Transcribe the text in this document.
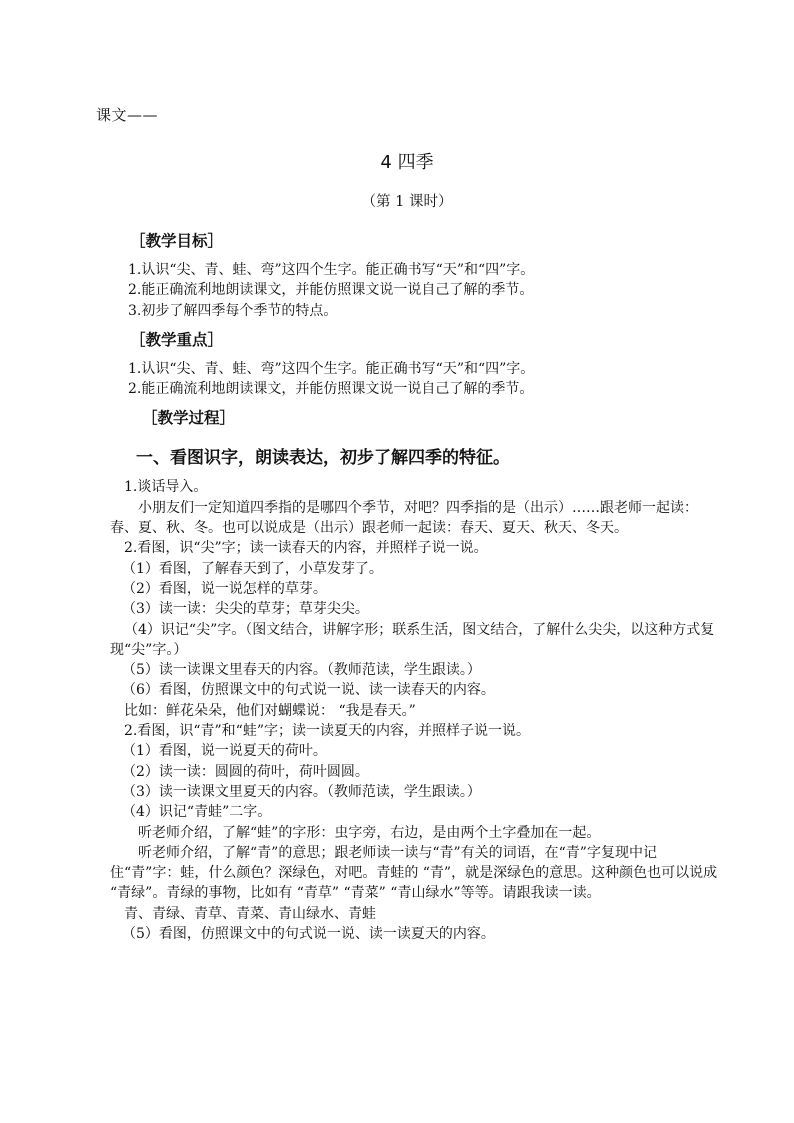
课文——
4 四季
（第 1 课时）
［教学目标］
1.认识“尖、青、蛙、弯”这四个生字。能正确书写“天”和“四”字。
2.能正确流利地朗读课文，并能仿照课文说一说自己了解的季节。
3.初步了解四季每个季节的特点。
［教学重点］
1.认识“尖、青、蛙、弯”这四个生字。能正确书写“天”和“四”字。
2.能正确流利地朗读课文，并能仿照课文说一说自己了解的季节。
［教学过程］
一、看图识字，朗读表达，初步了解四季的特征。
1.谈话导入。

小朋友们一定知道四季指的是哪四个季节，对吧？四季指的是（出示）……跟老师一起读：春、夏、秋、冬。也可以说成是（出示）跟老师一起读：春天、夏天、秋天、冬天。

2.看图，识“尖”字；读一读春天的内容，并照样子说一说。
（1）看图，了解春天到了，小草发芽了。
（2）看图，说一说怎样的草芽。
（3）读一读：尖尖的草芽；草芽尖尖。

（4）识记“尖”字。（图文结合，讲解字形；联系生活，图文结合，了解什么尖尖，以这种方式复现“尖”字。）

（5）读一读课文里春天的内容。（教师范读，学生跟读。）
（6）看图，仿照课文中的句式说一说、读一读春天的内容。
比如：鲜花朵朵，他们对蝴蝶说： “我是春天。”
2.看图，识“青”和“蛙”字；读一读夏天的内容，并照样子说一说。
（1）看图，说一说夏天的荷叶。
（2）读一读：圆圆的荷叶，荷叶圆圆。
（3）读一读课文里夏天的内容。（教师范读，学生跟读。）
（4）识记“青蛙”二字。

听老师介绍，了解“蛙”的字形：虫字旁，右边，是由两个土字叠加在一起。

听老师介绍，了解“青”的意思；跟老师读一读与“青”有关的词语，在“青”字复现中记住“青”字：蛙，什么颜色？深绿色，对吧。青蛙的 “青”，就是深绿色的意思。这种颜色也可以说成 “青绿”。青绿的事物，比如有 “青草” “青菜” “青山绿水”等等。请跟我读一读。

青、青绿、青草、青菜、青山绿水、青蛙
（5）看图，仿照课文中的句式说一说、读一读夏天的内容。
